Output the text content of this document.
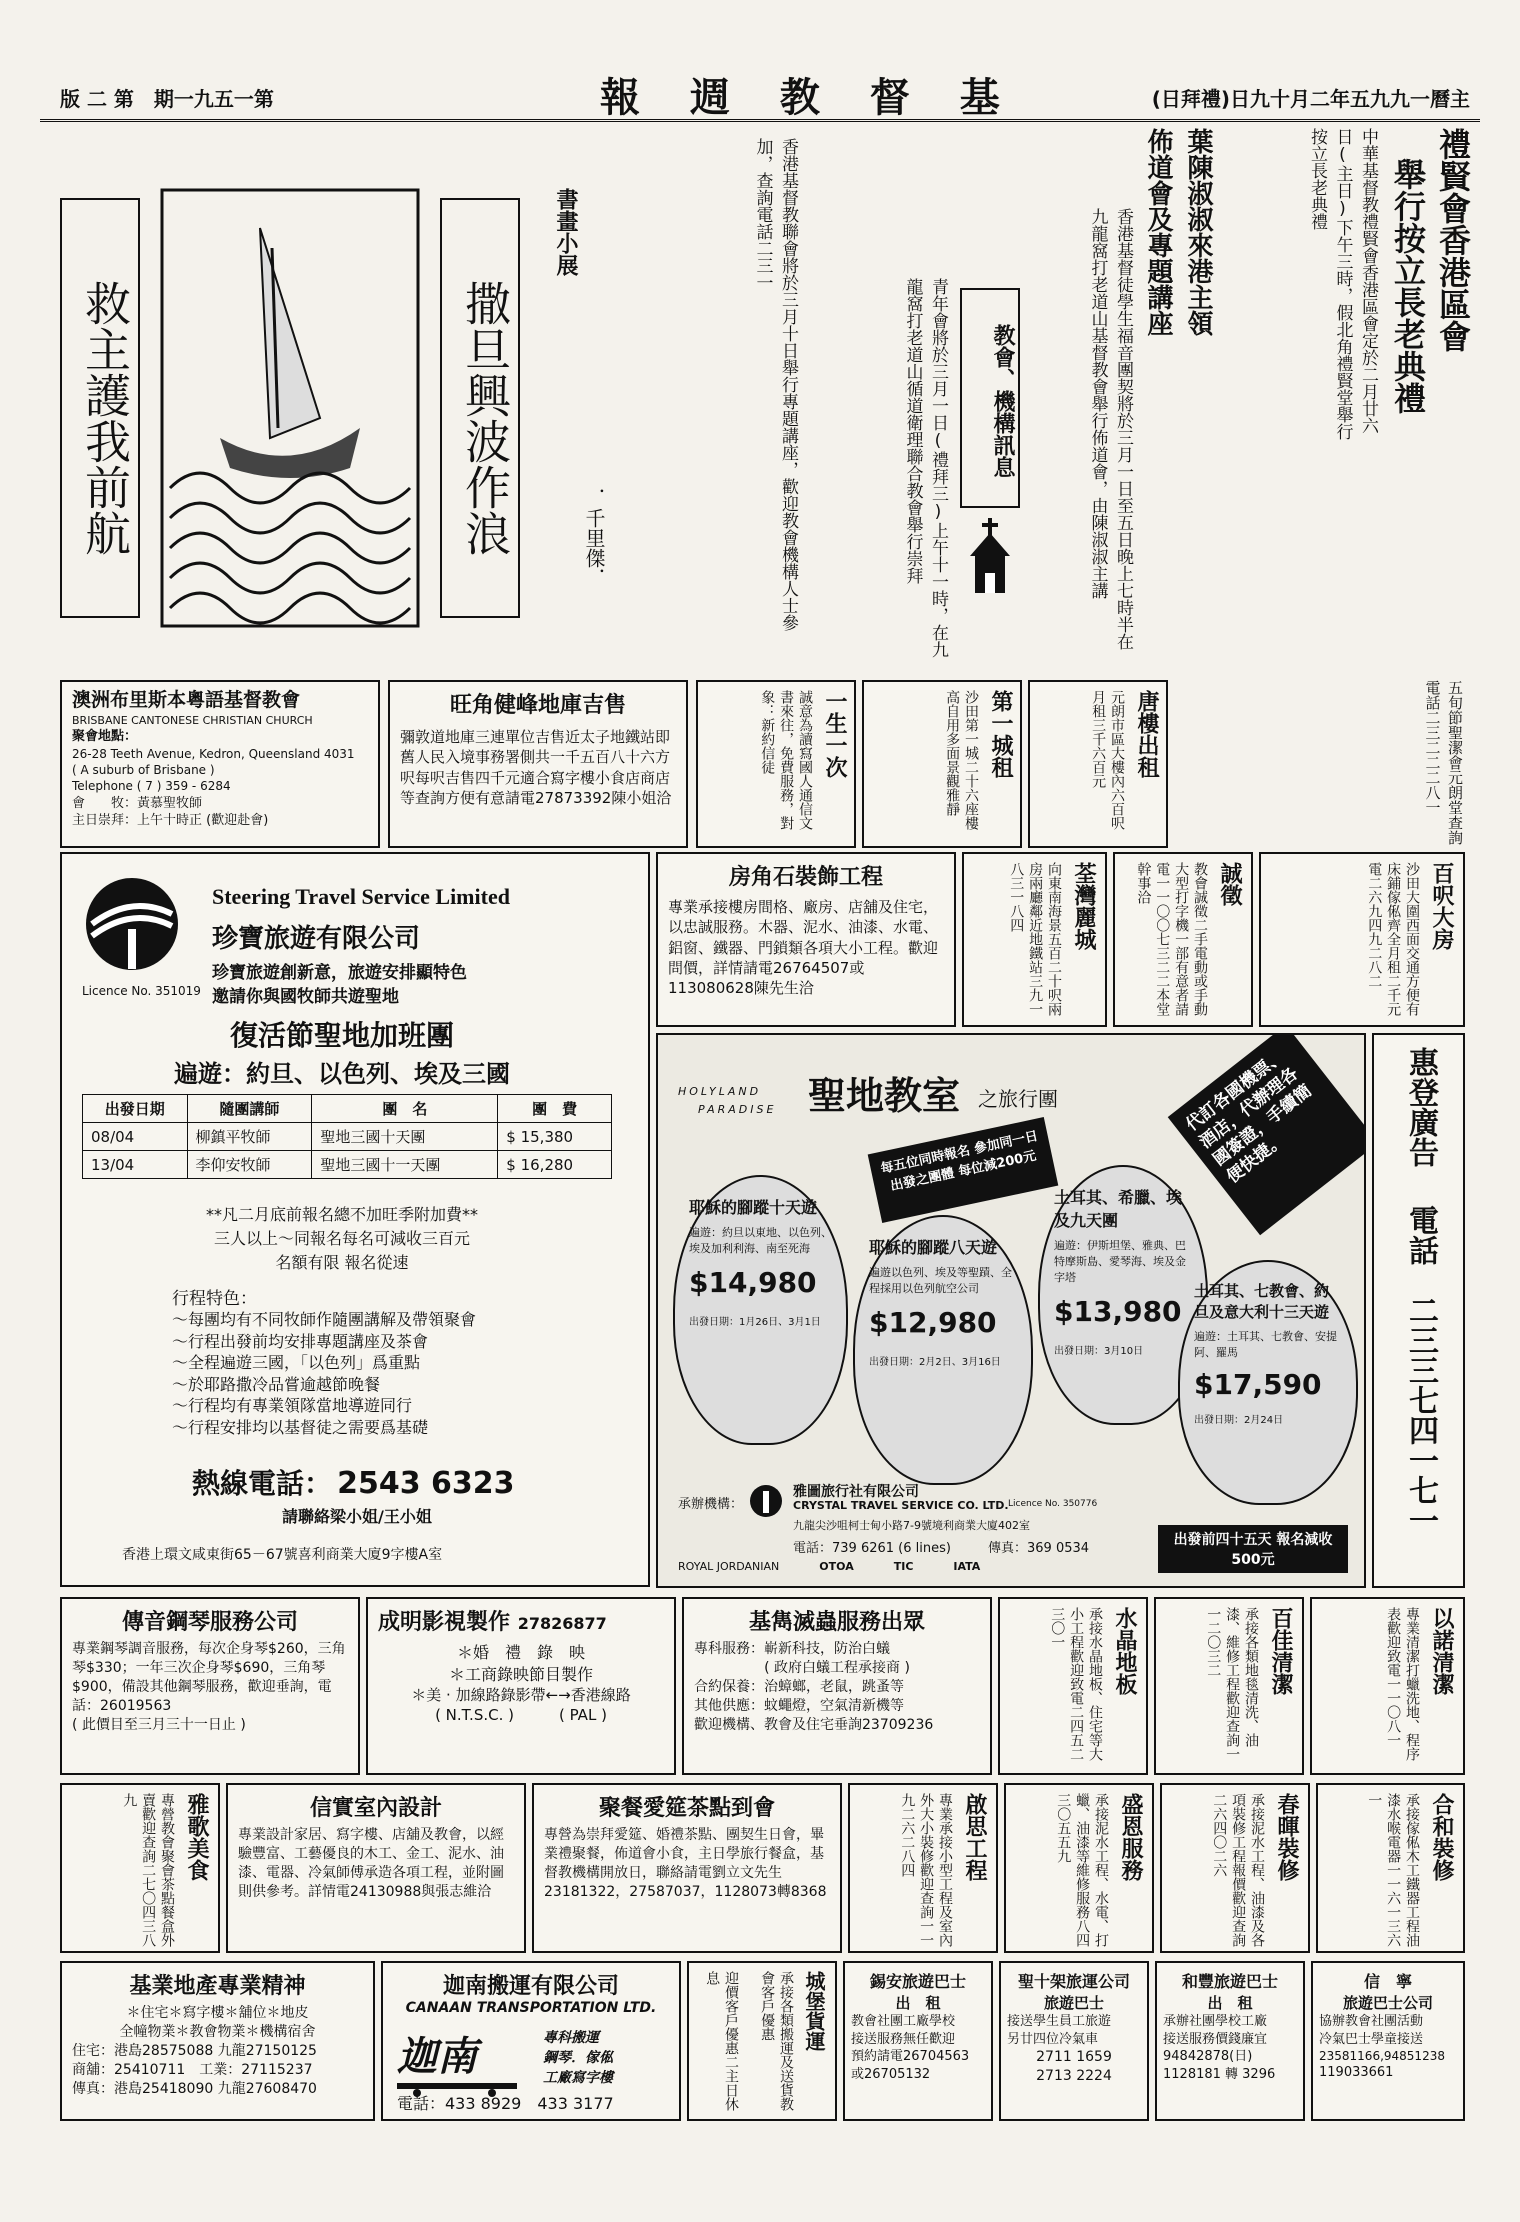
版 二 第　期一九五一第	報 週 教 督 基	(日拜禮)日九十月二年五九九一曆主
救主護我前航	撒旦興波作浪
書畫小展
．千里傑．	香港基督教聯會將於三月十日舉行專題講座，歡迎教會機構人士參加，查詢電話二三一
青年會將於三月一日(禮拜三)上午十一時，在九龍窩打老道山循道衛理聯合教會舉行崇拜	教會、機構訊息	香港基督徒學生福音團契將於三月一日至五日晚上七時半在九龍窩打老道山基督教會舉行佈道會，由陳淑淑主講	佈道會及專題講座 葉陳淑淑來港主領	中華基督教禮賢會香港區會定於二月廿六日(主日)下午三時，假北角禮賢堂舉行按立長老典禮	舉行按立長老典禮 禮賢會香港區會
澳洲布里斯本粵語基督教會
BRISBANE CANTONESE CHRISTIAN CHURCH
聚會地點：
26-28 Teeth Avenue, Kedron, Queensland 4031
( A suburb of Brisbane )
Telephone ( 7 ) 359 - 6284
會　　牧：黃慕聖牧師
主日崇拜：上午十時正 (歡迎赴會)
旺角健峰地庫吉售
彌敦道地庫三連單位吉售近太子地鐵站即舊人民入境事務署側共一千五百八十六方呎每呎吉售四千元適合寫字樓小食店商店等查詢方便有意請電27873392陳小姐洽
一生一次
誠意為讀寫國人通信文書來往，免費服務，對象：新約信徒	第一城租
沙田第一城二十六座樓高自用多面景觀雅靜	唐樓出租
元朗市區大樓內六百呎月租三千六百元	五旬節聖潔會元朗堂查詢電話二三二二二八一
Steering Travel Service Limited
珍寶旅遊有限公司
Licence No. 351019
珍寶旅遊創新意，旅遊安排顯特色
邀請你與國牧師共遊聖地
復活節聖地加班團
遍遊：約旦、以色列、埃及三國
出發日期	隨團講師	團　名	團　費
08/04	柳鎮平牧師	聖地三國十天團	$ 15,380
13/04	李仰安牧師	聖地三國十一天團	$ 16,280
**凡二月底前報名總不加旺季附加費**
三人以上～同報名每名可減收三百元
名額有限 報名從速
行程特色：
～每團均有不同牧師作隨團講解及帶領聚會
～行程出發前均安排專題講座及茶會
～全程遍遊三國，「以色列」爲重點
～於耶路撒冷品嘗逾越節晚餐
～行程均有專業領隊當地導遊同行
～行程安排均以基督徒之需要爲基礎
熱線電話： 2543 6323
請聯絡梁小姐/王小姐
香港上環文咸東街65－67號喜利商業大廈9字樓A室
房角石裝飾工程
專業承接樓房間格、廠房、店舖及住宅，以忠誠服務。木器、泥水、油漆、水電、鋁窗、鐵器、門鎖類各項大小工程。歡迎問價，詳情請電26764507或113080628陳先生洽
荃灣麗城
向東南海景五百二十呎兩房兩廳鄰近地鐵站三九一八三一八四	誠徵
教會誠徵二手電動或手動大型打字機一部有意者請電一一〇〇七三二二本堂幹事洽	百呎大房
沙田大圍西面交通方便有床鋪傢俬齊全月租二千元電二六九四九二八二
HOLYLAND
PARADISE 聖地教室 之旅行團
每五位同時報名 參加同一日出發之團體 每位減200元
代訂各國機票、酒店，代辦理各國簽證，手續簡便快捷。
耶穌的腳蹤十天遊
遍遊：約旦以東地、以色列、埃及加利利海、南至死海
$14,980
出發日期：1月26日、3月1日
耶穌的腳蹤八天遊
遍遊以色列、埃及等聖蹟、全程採用以色列航空公司
$12,980
出發日期：2月2日、3月16日
土耳其、希臘、埃及九天團
遍遊：伊斯坦堡、雅典、巴特摩斯島、愛琴海、埃及金字塔
$13,980
出發日期：3月10日
土耳其、七教會、約旦及意大利十三天遊
遍遊：土耳其、七教會、安提阿、羅馬
$17,590
出發日期：2月24日
承辦機構：
雅圖旅行社有限公司
CRYSTAL TRAVEL SERVICE CO. LTD. Licence No. 350776
九龍尖沙咀柯士甸小路7-9號境利商業大廈402室
電話：739 6261 (6 lines)	傳真：369 0534
出發前四十五天 報名減收500元
ROYAL JORDANIAN	OTOA	TIC	IATA
惠登廣告
電話
二三三七四一七一
傳音鋼琴服務公司
專業鋼琴調音服務，每次企身琴$260，三角琴$330；一年三次企身琴$690，三角琴$900，備設其他鋼琴服務，歡迎垂詢，電話：26019563
( 此價目至三月三十一日止 )
成明影視製作 27826877
＊婚　禮　錄　映
＊工商錄映節目製作
＊美 · 加線路錄影帶←→香港線路
( N.T.S.C. )　　　( PAL )
基雋滅蟲服務出眾
專科服務：嶄新科技，防治白蟻
( 政府白蟻工程承接商 )
合約保養：治蟑螂，老鼠，跳蚤等
其他供應：蚊蠅燈，空氣清新機等
歡迎機構、教會及住宅垂詢23709236
水晶地板
承接水晶地板、住宅等大小工程歡迎致電二四五二三〇一	百佳清潔
承接各類地毯清洗、油漆、維修工程歡迎查詢一一二〇三二	以諾清潔
專業清潔打蠟洗地、程序表歡迎致電一一〇八一
雅歌美食
專營教會聚會茶點餐盒外賣歡迎查詢二七〇四三八九	信實室內設計
專業設計家居、寫字樓、店舖及教會，以經驗豐富、工藝優良的木工、金工、泥水、油漆、電器、冷氣師傅承造各項工程，並附圖則供參考。詳情電24130988與張志維洽
聚餐愛筵茶點到會
專營為崇拜愛筵、婚禮茶點、團契生日會，畢業禮聚餐，佈道會小食，主日學旅行餐盒，基督教機構開放日，聯絡請電劉立文先生23181322，27587037，1128073轉8368
啟思工程
專業承接小型工程及室內外大小裝修歡迎查詢一一九二六二八四	盛恩服務
承接泥水工程、水電、打蠟、油漆等維修服務八四三〇五五九	春暉裝修
承接泥水工程、油漆及各項裝修工程報價歡迎查詢二六四〇二六	合和裝修
承接傢俬木工鐵器工程油漆水喉電器一一六一三六一
基業地產專業精神
＊住宅＊寫字樓＊舖位＊地皮
全幢物業＊教會物業＊機構宿舍
住宅：港島28575088 九龍27150125
商舖：25410711　工業：27115237
傳真：港島25418090 九龍27608470
迦南搬運有限公司
CANAAN TRANSPORTATION LTD.
迦南	專科搬運
鋼琴．傢俬
工廠寫字樓
電話：433 8929　433 3177
城堡貨運
承接各類搬運及送貨教會客戶優惠
迎價客戶優惠二主日休息	錫安旅遊巴士
出　租
教會社團工廠學校
接送服務無任歡迎
預約請電26704563
或26705132
聖十架旅運公司
旅遊巴士
接送學生員工旅遊
另廿四位冷氣車
2711 1659
2713 2224
和豐旅遊巴士
出　租
承辦社團學校工廠
接送服務價錢廉宜
94842878(日)
1128181 轉 3296
信　寧
旅遊巴士公司
協辦教會社團活動
冷氣巴士學童接送
23581166,94851238
119033661
